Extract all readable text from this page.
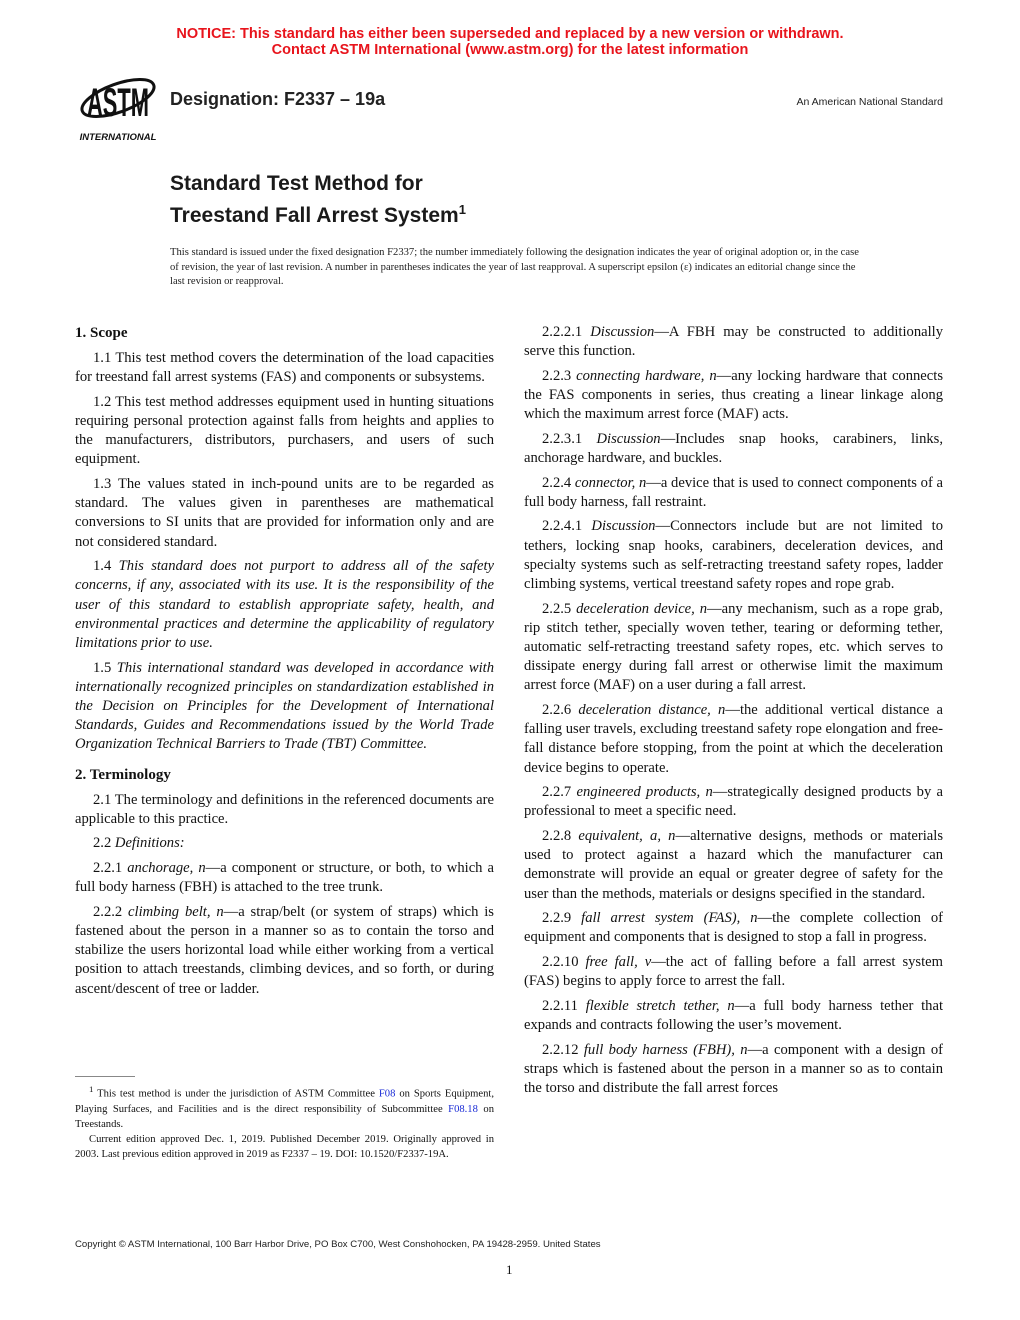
NOTICE: This standard has either been superseded and replaced by a new version or withdrawn.
Contact ASTM International (www.astm.org) for the latest information
ASTM
INTERNATIONAL
Designation: F2337 – 19a	An American National Standard
Standard Test Method for
Treestand Fall Arrest System$^1$
This standard is issued under the fixed designation F2337; the number immediately following the designation indicates the year of original adoption or, in the case of revision, the year of last revision. A number in parentheses indicates the year of last reapproval. A superscript epsilon (ε) indicates an editorial change since the last revision or reapproval.
1. Scope

1.1 This test method covers the determination of the load capacities for treestand fall arrest systems (FAS) and components or subsystems.

1.2 This test method addresses equipment used in hunting situations requiring personal protection against falls from heights and applies to the manufacturers, distributors, purchasers, and users of such equipment.

1.3 The values stated in inch-pound units are to be regarded as standard. The values given in parentheses are mathematical conversions to SI units that are provided for information only and are not considered standard.

1.4 This standard does not purport to address all of the safety concerns, if any, associated with its use. It is the responsibility of the user of this standard to establish appropriate safety, health, and environmental practices and determine the applicability of regulatory limitations prior to use.

1.5 This international standard was developed in accordance with internationally recognized principles on standardization established in the Decision on Principles for the Development of International Standards, Guides and Recommendations issued by the World Trade Organization Technical Barriers to Trade (TBT) Committee.

2. Terminology

2.1 The terminology and definitions in the referenced documents are applicable to this practice.

2.2 Definitions:

2.2.1 anchorage, n—a component or structure, or both, to which a full body harness (FBH) is attached to the tree trunk.

2.2.2 climbing belt, n—a strap/belt (or system of straps) which is fastened about the person in a manner so as to contain the torso and stabilize the users horizontal load while either working from a vertical position to attach treestands, climbing devices, and so forth, or during ascent/descent of tree or ladder.

2.2.2.1 Discussion—A FBH may be constructed to additionally serve this function.

2.2.3 connecting hardware, n—any locking hardware that connects the FAS components in series, thus creating a linear linkage along which the maximum arrest force (MAF) acts.

2.2.3.1 Discussion—Includes snap hooks, carabiners, links, anchorage hardware, and buckles.

2.2.4 connector, n—a device that is used to connect components of a full body harness, fall restraint.

2.2.4.1 Discussion—Connectors include but are not limited to tethers, locking snap hooks, carabiners, deceleration devices, and specialty systems such as self-retracting treestand safety ropes, ladder climbing systems, vertical treestand safety ropes and rope grab.

2.2.5 deceleration device, n—any mechanism, such as a rope grab, rip stitch tether, specially woven tether, tearing or deforming tether, automatic self-retracting treestand safety ropes, etc. which serves to dissipate energy during fall arrest or otherwise limit the maximum arrest force (MAF) on a user during a fall arrest.

2.2.6 deceleration distance, n—the additional vertical distance a falling user travels, excluding treestand safety rope elongation and free-fall distance before stopping, from the point at which the deceleration device begins to operate.

2.2.7 engineered products, n—strategically designed products by a professional to meet a specific need.

2.2.8 equivalent, a, n—alternative designs, methods or materials used to protect against a hazard which the manufacturer can demonstrate will provide an equal or greater degree of safety for the user than the methods, materials or designs specified in the standard.

2.2.9 fall arrest system (FAS), n—the complete collection of equipment and components that is designed to stop a fall in progress.

2.2.10 free fall, v—the act of falling before a fall arrest system (FAS) begins to apply force to arrest the fall.

2.2.11 flexible stretch tether, n—a full body harness tether that expands and contracts following the user’s movement.

2.2.12 full body harness (FBH), n—a component with a design of straps which is fastened about the person in a manner so as to contain the torso and distribute the fall arrest forces

$^1$ This test method is under the jurisdiction of ASTM Committee F08 on Sports Equipment, Playing Surfaces, and Facilities and is the direct responsibility of Subcommittee F08.18 on Treestands.

Current edition approved Dec. 1, 2019. Published December 2019. Originally approved in 2003. Last previous edition approved in 2019 as F2337 – 19. DOI: 10.1520/F2337-19A.

Copyright © ASTM International, 100 Barr Harbor Drive, PO Box C700, West Conshohocken, PA 19428-2959. United States
1
